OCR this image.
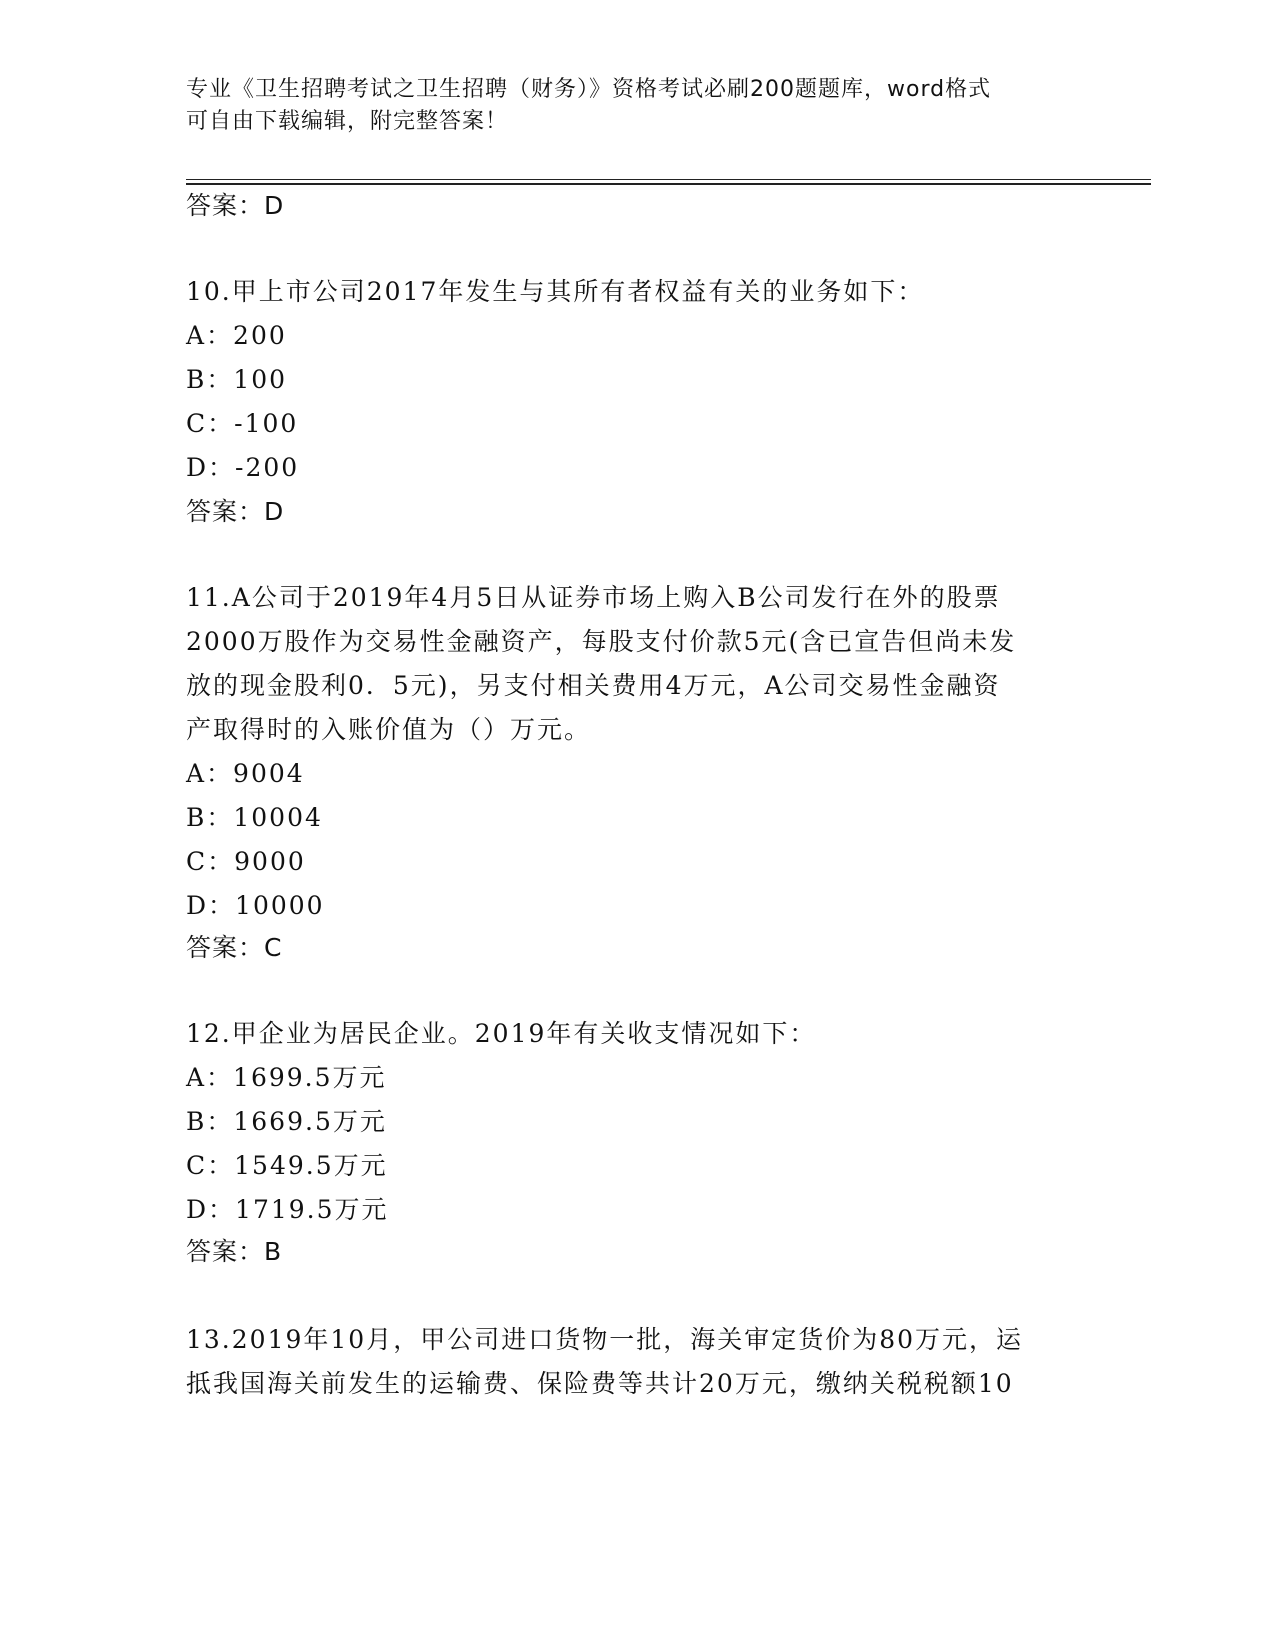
专业《卫生招聘考试之卫生招聘（财务）》资格考试必刷200题题库，word格式
可自由下载编辑，附完整答案！
答案：D
10.甲上市公司2017年发生与其所有者权益有关的业务如下：
A：200
B：100
C：-100
D：-200
答案：D
11.A公司于2019年4月5日从证券市场上购入B公司发行在外的股票
2000万股作为交易性金融资产，每股支付价款5元(含已宣告但尚未发
放的现金股利0．5元)，另支付相关费用4万元，A公司交易性金融资
产取得时的入账价值为（）万元。
A：9004
B：10004
C：9000
D：10000
答案：C
12.甲企业为居民企业。2019年有关收支情况如下：
A：1699.5万元
B：1669.5万元
C：1549.5万元
D：1719.5万元
答案：B
13.2019年10月，甲公司进口货物一批，海关审定货价为80万元，运
抵我国海关前发生的运输费、保险费等共计20万元，缴纳关税税额10
